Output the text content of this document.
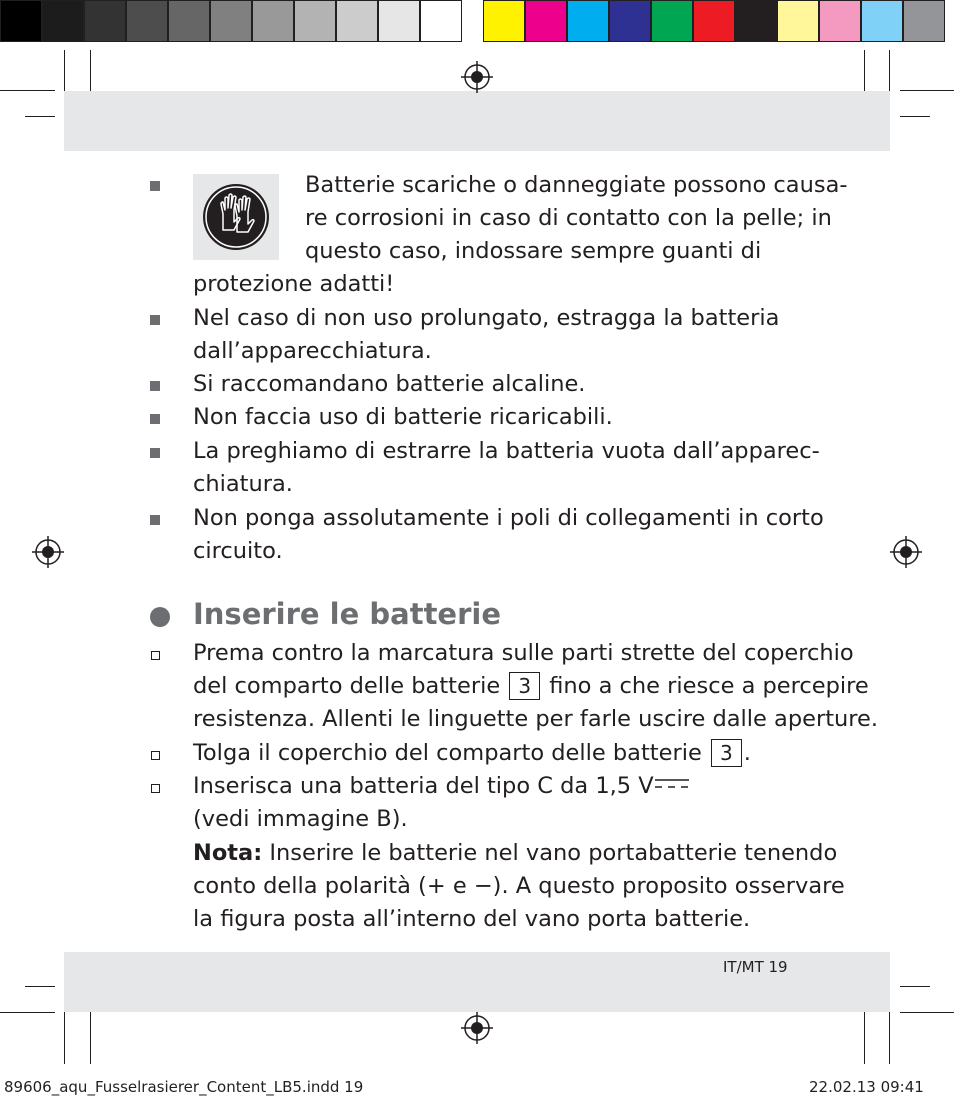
Batterie scariche o danneggiate possono causa-
re corrosioni in caso di contatto con la pelle; in
questo caso, indossare sempre guanti di
protezione adatti!
Nel caso di non uso prolungato, estragga la batteria
dall’apparecchiatura.
Si raccomandano batterie alcaline.
Non faccia uso di batterie ricaricabili.
La preghiamo di estrarre la batteria vuota dall’apparec-
chiatura.
Non ponga assolutamente i poli di collegamenti in corto
circuito.
Inserire le batterie
Prema contro la marcatura sulle parti strette del coperchio
del comparto delle batterie 3 fino a che riesce a percepire
resistenza. Allenti le linguette per farle uscire dalle aperture.
Tolga il coperchio del comparto delle batterie 3 .
Inserisca una batteria del tipo C da 1,5 V
(vedi immagine B).
Nota: Inserire le batterie nel vano portabatterie tenendo
conto della polarità (+ e −). A questo proposito osservare
la figura posta all’interno del vano porta batterie.
IT/MT 19
89606_aqu_Fusselrasierer_Content_LB5.indd 19	22.02.13 09:41
